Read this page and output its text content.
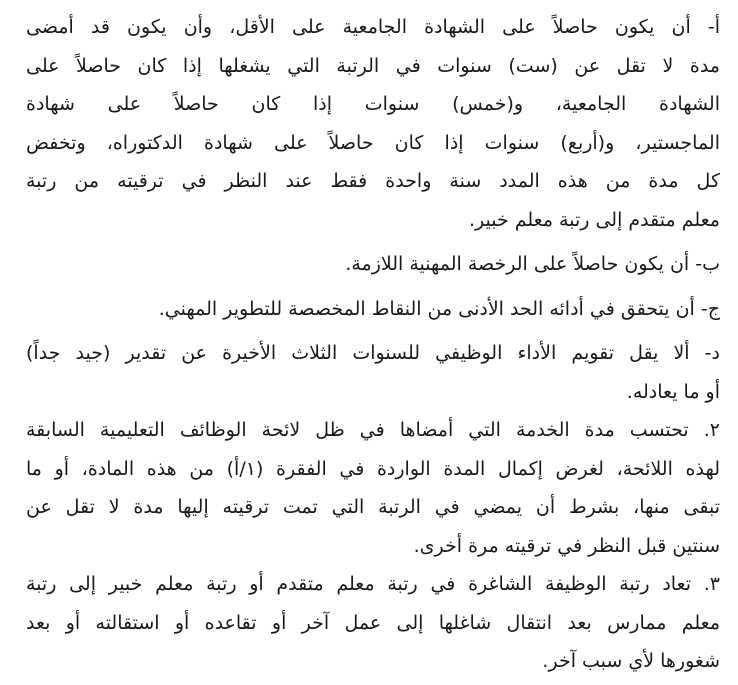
أ- أن يكون حاصلاً على الشهادة الجامعية على الأقل، وأن يكون قد أمضى
مدة لا تقل عن (ست) سنوات في الرتبة التي يشغلها إذا كان حاصلاً على
الشهادة الجامعية، و(خمس) سنوات إذا كان حاصلاً على شهادة
الماجستير، و(أربع) سنوات إذا كان حاصلاً على شهادة الدكتوراه، وتخفض
كل مدة من هذه المدد سنة واحدة فقط عند النظر في ترقيته من رتبة
معلم متقدم إلى رتبة معلم خبير.
ب- أن يكون حاصلاً على الرخصة المهنية اللازمة.
ج- أن يتحقق في أدائه الحد الأدنى من النقاط المخصصة للتطوير المهني.
د- ألا يقل تقويم الأداء الوظيفي للسنوات الثلاث الأخيرة عن تقدير (جيد جداً)
أو ما يعادله.
٢. تحتسب مدة الخدمة التي أمضاها في ظل لائحة الوظائف التعليمية السابقة
لهذه اللائحة، لغرض إكمال المدة الواردة في الفقرة (١/أ) من هذه المادة، أو ما
تبقى منها، بشرط أن يمضي في الرتبة التي تمت ترقيته إليها مدة لا تقل عن
سنتين قبل النظر في ترقيته مرة أخرى.
٣. تعاد رتبة الوظيفة الشاغرة في رتبة معلم متقدم أو رتبة معلم خبير إلى رتبة
معلم ممارس بعد انتقال شاغلها إلى عمل آخر أو تقاعده أو استقالته أو بعد
شغورها لأي سبب آخر.
